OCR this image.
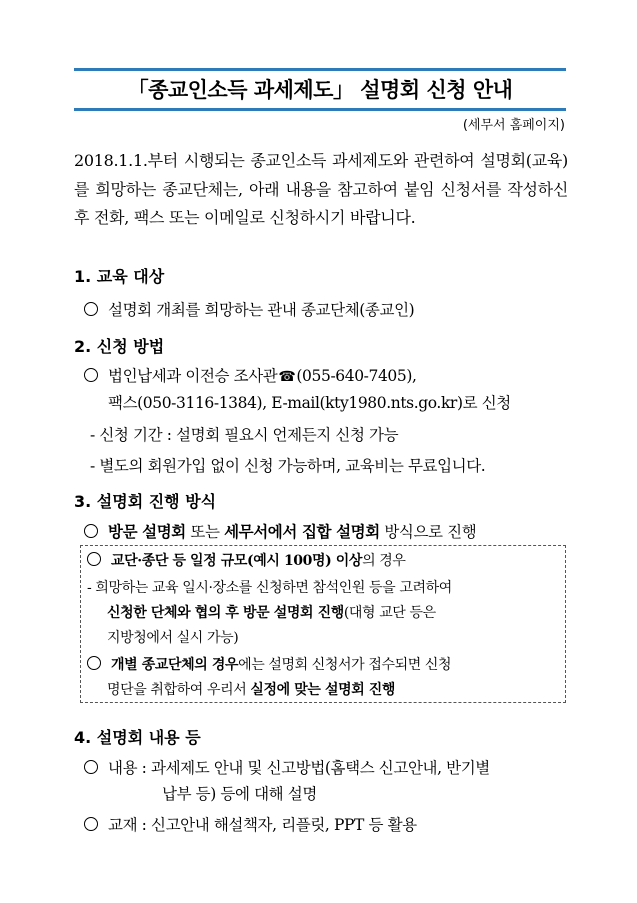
「종교인소득 과세제도」 설명회 신청 안내
(세무서 홈페이지)
2018.1.1.부터 시행되는 종교인소득 과세제도와 관련하여 설명회(교육)를 희망하는 종교단체는, 아래 내용을 참고하여 붙임 신청서를 작성하신 후 전화, 팩스 또는 이메일로 신청하시기 바랍니다.
1. 교육 대상
설명회 개최를 희망하는 관내 종교단체(종교인)
2. 신청 방법
법인납세과 이전승 조사관☎(055-640-7405),
팩스(050-3116-1384), E-mail(kty1980.nts.go.kr)로 신청
- 신청 기간 : 설명회 필요시 언제든지 신청 가능
- 별도의 회원가입 없이 신청 가능하며, 교육비는 무료입니다.
3. 설명회 진행 방식
방문 설명회 또는 세무서에서 집합 설명회 방식으로 진행
교단·종단 등 일정 규모(예시 100명) 이상의 경우
- 희망하는 교육 일시·장소를 신청하면 참석인원 등을 고려하여
신청한 단체와 협의 후 방문 설명회 진행(대형 교단 등은
지방청에서 실시 가능)
개별 종교단체의 경우에는 설명회 신청서가 접수되면 신청
명단을 취합하여 우리서 실정에 맞는 설명회 진행
4. 설명회 내용 등
내용 : 과세제도 안내 및 신고방법(홈택스 신고안내, 반기별
납부 등) 등에 대해 설명
교재 : 신고안내 해설책자, 리플릿, PPT 등 활용
